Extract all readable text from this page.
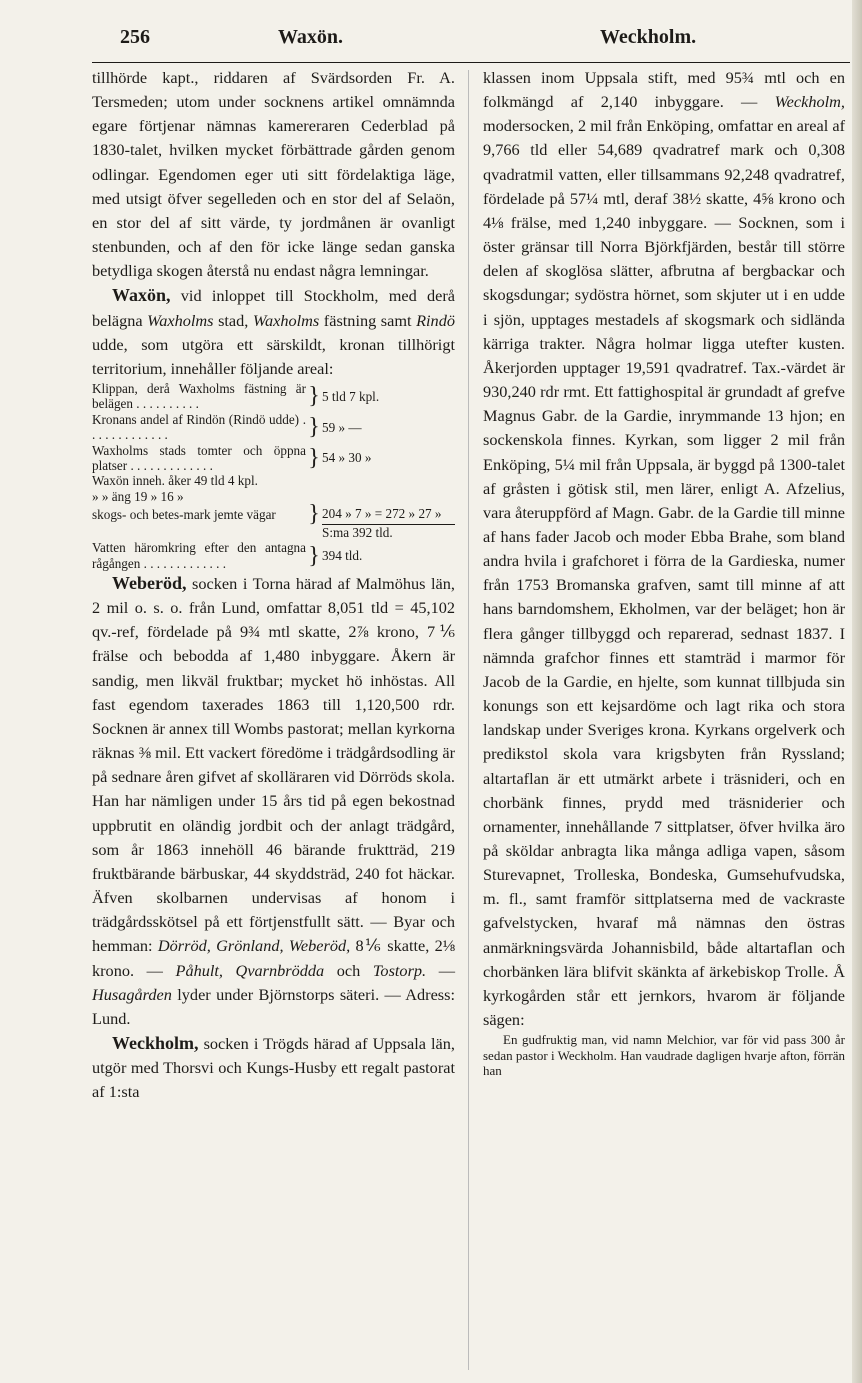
256	Waxön.	Weckholm.

tillhörde kapt., riddaren af Svärdsorden Fr. A. Tersmeden; utom under socknens artikel omnämnda egare förtjenar nämnas kamereraren Cederblad på 1830-talet, hvilken mycket förbättrade gården genom odlingar. Egendomen eger uti sitt fördelaktiga läge, med utsigt öfver segelleden och en stor del af Selaön, en stor del af sitt värde, ty jordmånen är ovanligt stenbunden, och af den för icke länge sedan ganska betydliga skogen återstå nu endast några lemningar.

Waxön, vid inloppet till Stockholm, med derå belägna Waxholms stad, Waxholms fästning samt Rindö udde, som utgöra ett särskildt, kronan tillhörigt territorium, innehåller följande areal:

Klippan, derå Waxholms fästning är belägen . . . . . . . . . .	}	5 tld 7 kpl.
Kronans andel af Rindön (Rindö udde) . . . . . . . . . . . . .	}	59 » —
Waxholms stads tomter och öppna platser . . . . . . . . . . . . .	}	54 » 30 »
Waxön inneh. åker 49 tld 4 kpl.		
» » äng 19 » 16 »		
skogs- och betes-mark jemte vägar	}	204 » 7 » = 272 » 27 »
		S:ma 392 tld.
Vatten häromkring efter den antagna rågången . . . . . . . . . . . . .	}	394 tld.

Weberöd, socken i Torna härad af Malmöhus län, 2 mil o. s. o. från Lund, omfattar 8,051 tld = 45,102 qv.-ref, fördelade på 9¾ mtl skatte, 2⅞ krono, 7⅙ frälse och bebodda af 1,480 inbyggare. Åkern är sandig, men likväl fruktbar; mycket hö inhöstas. All fast egendom taxerades 1863 till 1,120,500 rdr. Socknen är annex till Wombs pastorat; mellan kyrkorna räknas ⅜ mil. Ett vackert föredöme i trädgårdsodling är på sednare åren gifvet af skolläraren vid Dörröds skola. Han har nämligen under 15 års tid på egen bekostnad uppbrutit en oländig jordbit och der anlagt trädgård, som år 1863 innehöll 46 bärande fruktträd, 219 fruktbärande bärbuskar, 44 skyddsträd, 240 fot häckar. Äfven skolbarnen undervisas af honom i trädgårdsskötsel på ett förtjenstfullt sätt. — Byar och hemman: Dörröd, Grönland, Weberöd, 8⅙ skatte, 2⅛ krono. — Påhult, Qvarnbrödda och Tostorp. — Husagården lyder under Björnstorps säteri. — Adress: Lund.

Weckholm, socken i Trögds härad af Uppsala län, utgör med Thorsvi och Kungs-Husby ett regalt pastorat af 1:sta

klassen inom Uppsala stift, med 95¾ mtl och en folkmängd af 2,140 inbyggare. — Weckholm, modersocken, 2 mil från Enköping, omfattar en areal af 9,766 tld eller 54,689 qvadratref mark och 0,308 qvadratmil vatten, eller tillsammans 92,248 qvadratref, fördelade på 57¼ mtl, deraf 38½ skatte, 4⅝ krono och 4⅛ frälse, med 1,240 inbyggare. — Socknen, som i öster gränsar till Norra Björkfjärden, består till större delen af skoglösa slätter, afbrutna af bergbackar och skogsdungar; sydöstra hörnet, som skjuter ut i en udde i sjön, upptages mestadels af skogsmark och sidlända kärriga trakter. Några holmar ligga utefter kusten. Åkerjorden upptager 19,591 qvadratref. Tax.-värdet är 930,240 rdr rmt. Ett fattighospital är grundadt af grefve Magnus Gabr. de la Gardie, inrymmande 13 hjon; en sockenskola finnes. Kyrkan, som ligger 2 mil från Enköping, 5¼ mil från Uppsala, är byggd på 1300-talet af gråsten i götisk stil, men lärer, enligt A. Afzelius, vara återuppförd af Magn. Gabr. de la Gardie till minne af hans fader Jacob och moder Ebba Brahe, som bland andra hvila i grafchoret i förra de la Gardieska, numer från 1753 Bromanska grafven, samt till minne af att hans barndomshem, Ekholmen, var der beläget; hon är flera gånger tillbyggd och reparerad, sednast 1837. I nämnda grafchor finnes ett stamträd i marmor för Jacob de la Gardie, en hjelte, som kunnat tillbjuda sin konungs son ett kejsardöme och lagt rika och stora landskap under Sveriges krona. Kyrkans orgelverk och predikstol skola vara krigsbyten från Ryssland; altartaflan är ett utmärkt arbete i träsnideri, och en chorbänk finnes, prydd med träsniderier och ornamenter, innehållande 7 sittplatser, öfver hvilka äro på sköldar anbragta lika många adliga vapen, såsom Sturevapnet, Trolleska, Bondeska, Gumsehufvudska, m. fl., samt framför sittplatserna med de vackraste gafvelstycken, hvaraf må nämnas den östras anmärkningsvärda Johannisbild, både altartaflan och chorbänken lära blifvit skänkta af ärkebiskop Trolle. Å kyrkogården står ett jernkors, hvarom är följande sägen:

En gudfruktig man, vid namn Melchior, var för vid pass 300 år sedan pastor i Weckholm. Han vaudrade dagligen hvarje afton, förrän han
